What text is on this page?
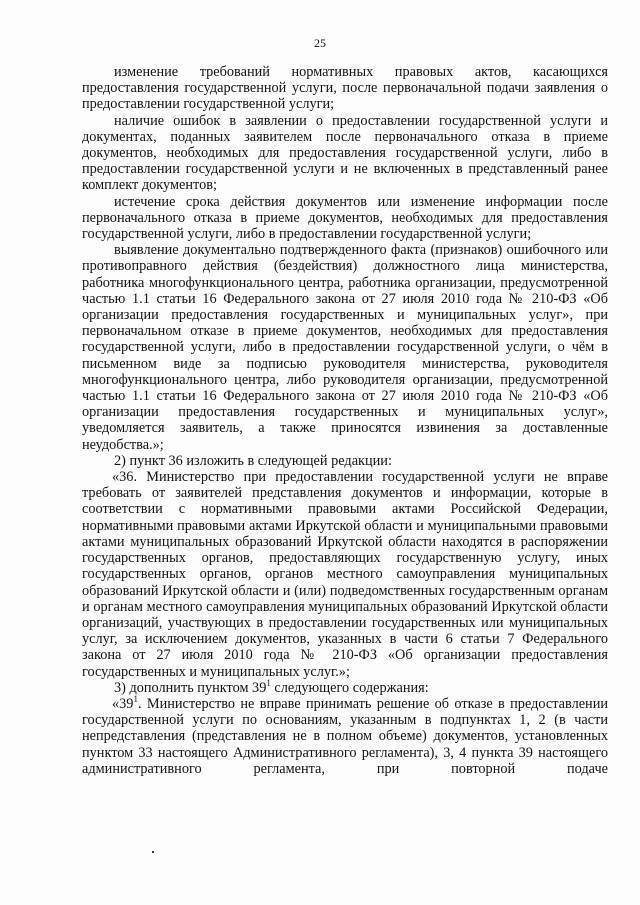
25

изменение требований нормативных правовых актов, касающихся предоставления государственной услуги, после первоначальной подачи заявления о предоставлении государственной услуги;

наличие ошибок в заявлении о предоставлении государственной услуги и документах, поданных заявителем после первоначального отказа в приеме документов, необходимых для предоставления государственной услуги, либо в предоставлении государственной услуги и не включенных в представленный ранее комплект документов;

истечение срока действия документов или изменение информации после первоначального отказа в приеме документов, необходимых для предоставления государственной услуги, либо в предоставлении государственной услуги;

выявление документально подтвержденного факта (признаков) ошибочного или противоправного действия (бездействия) должностного лица министерства, работника многофункционального центра, работника организации, предусмотренной частью 1.1 статьи 16 Федерального закона от 27 июля 2010 года № 210-ФЗ «Об организации предоставления государственных и муниципальных услуг», при первоначальном отказе в приеме документов, необходимых для предоставления государственной услуги, либо в предоставлении государственной услуги, о чём в письменном виде за подписью руководителя министерства, руководителя многофункционального центра, либо руководителя организации, предусмотренной частью 1.1 статьи 16 Федерального закона от 27 июля 2010 года № 210-ФЗ «Об организации предоставления государственных и муниципальных услуг», уведомляется заявитель, а также приносятся извинения за доставленные неудобства.»;

2) пункт 36 изложить в следующей редакции:

«36. Министерство при предоставлении государственной услуги не вправе требовать от заявителей представления документов и информации, которые в соответствии с нормативными правовыми актами Российской Федерации, нормативными правовыми актами Иркутской области и муниципальными правовыми актами муниципальных образований Иркутской области находятся в распоряжении государственных органов, предоставляющих государственную услугу, иных государственных органов, органов местного самоуправления муниципальных образований Иркутской области и (или) подведомственных государственным органам и органам местного самоуправления муниципальных образований Иркутской области организаций, участвующих в предоставлении государственных или муниципальных услуг, за исключением документов, указанных в части 6 статьи 7 Федерального закона от 27 июля 2010 года № 210-ФЗ «Об организации предоставления государственных и муниципальных услуг.»;

3) дополнить пунктом $39^1$ следующего содержания:

«$39^1$. Министерство не вправе принимать решение об отказе в предоставлении государственной услуги по основаниям, указанным в подпунктах 1, 2 (в части непредставления (представления не в полном объеме) документов, установленных пунктом 33 настоящего Административного регламента), 3, 4 пункта 39 настоящего административного регламента, при повторной подаче
